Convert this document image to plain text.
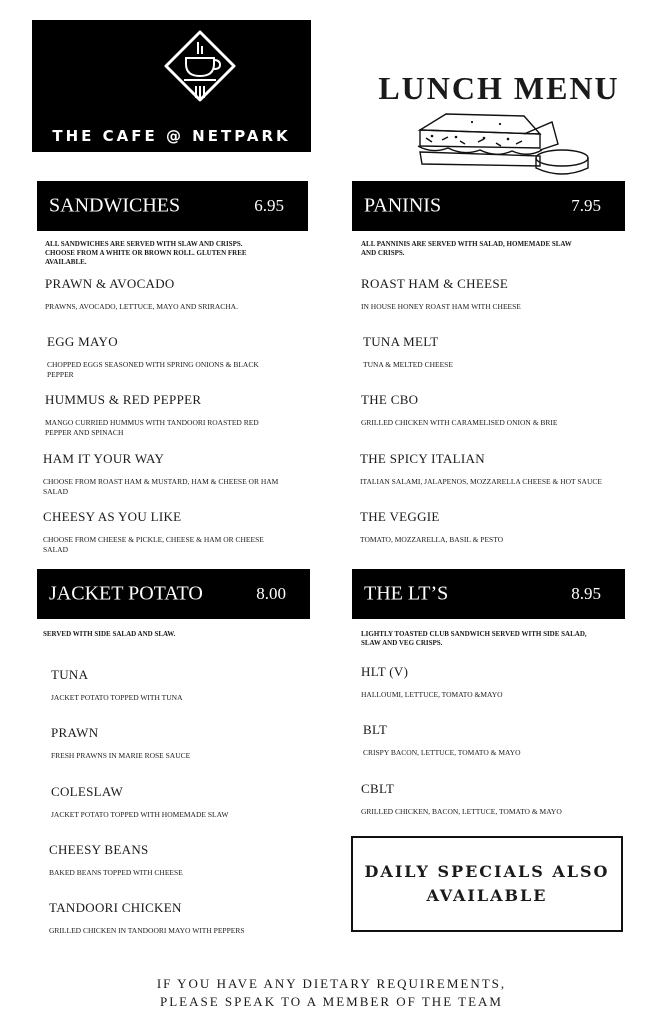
THE CAFE @ NETPARK
LUNCH MENU
SANDWICHES	6.95
ALL SANDWICHES ARE SERVED WITH SLAW AND CRISPS.
CHOOSE FROM A WHITE OR BROWN ROLL. GLUTEN FREE
AVAILABLE.
PRAWN & AVOCADO
PRAWNS, AVOCADO, LETTUCE, MAYO AND SRIRACHA.
EGG MAYO
CHOPPED EGGS SEASONED WITH SPRING ONIONS & BLACK
PEPPER
HUMMUS & RED PEPPER
MANGO CURRIED HUMMUS WITH TANDOORI ROASTED RED
PEPPER AND SPINACH
HAM IT YOUR WAY
CHOOSE FROM ROAST HAM & MUSTARD, HAM & CHEESE OR HAM
SALAD
CHEESY AS YOU LIKE
CHOOSE FROM CHEESE & PICKLE, CHEESE & HAM OR CHEESE
SALAD
PANINIS	7.95
ALL PANNINIS ARE SERVED WITH SALAD, HOMEMADE SLAW
AND CRISPS.
ROAST HAM & CHEESE
IN HOUSE HONEY ROAST HAM WITH CHEESE
TUNA MELT
TUNA & MELTED CHEESE
THE CBO
GRILLED CHICKEN WITH CARAMELISED ONION & BRIE
THE SPICY ITALIAN
ITALIAN SALAMI, JALAPENOS, MOZZARELLA CHEESE & HOT SAUCE
THE VEGGIE
TOMATO, MOZZARELLA, BASIL & PESTO
JACKET POTATO	8.00
SERVED WITH SIDE SALAD AND SLAW.
TUNA
JACKET POTATO TOPPED WITH TUNA
PRAWN
FRESH PRAWNS IN MARIE ROSE SAUCE
COLESLAW
JACKET POTATO TOPPED WITH HOMEMADE SLAW
CHEESY BEANS
BAKED BEANS TOPPED WITH CHEESE
TANDOORI CHICKEN
GRILLED CHICKEN IN TANDOORI MAYO WITH PEPPERS
THE LT’S	8.95
LIGHTLY TOASTED CLUB SANDWICH SERVED WITH SIDE SALAD,
SLAW AND VEG CRISPS.
HLT (V)
HALLOUMI, LETTUCE, TOMATO &MAYO
BLT
CRISPY BACON, LETTUCE, TOMATO & MAYO
CBLT
GRILLED CHICKEN, BACON, LETTUCE, TOMATO & MAYO
DAILY SPECIALS ALSO
AVAILABLE
IF YOU HAVE ANY DIETARY REQUIREMENTS,
PLEASE SPEAK TO A MEMBER OF THE TEAM
